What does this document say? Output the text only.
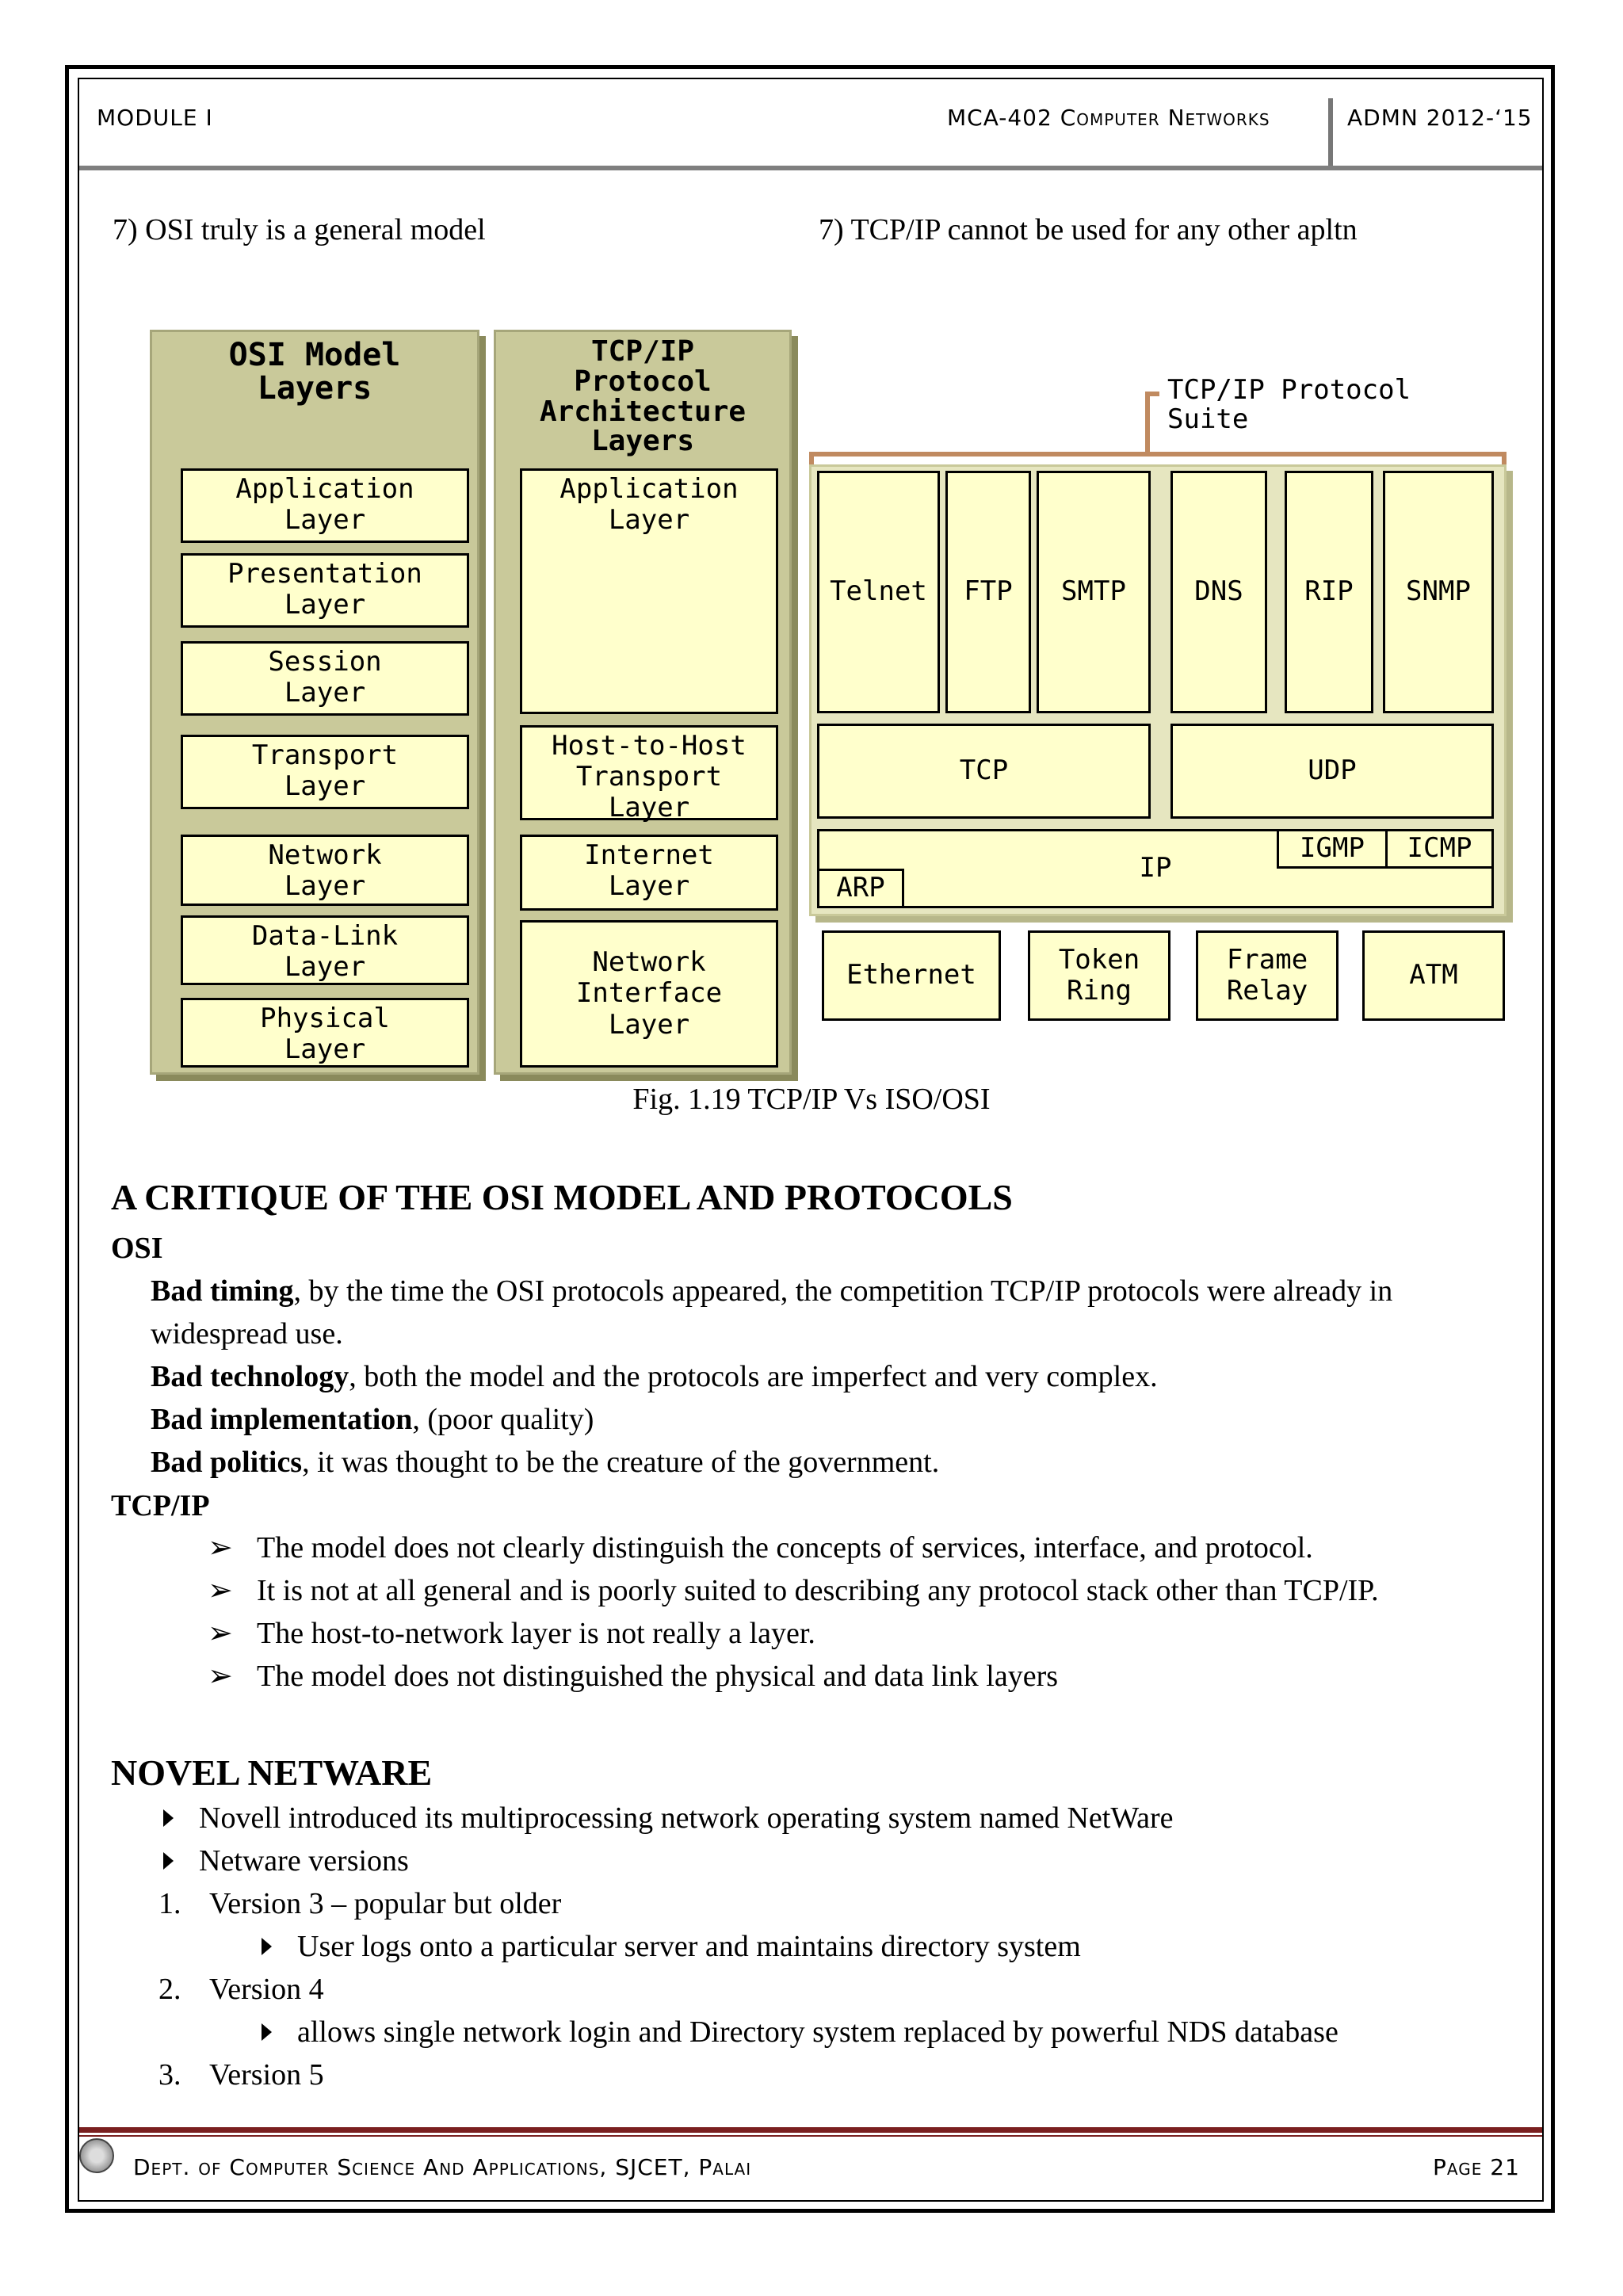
MODULE I	MCA-402 Computer Networks	ADMN 2012-‘15
7) OSI truly is a general model	7) TCP/IP cannot be used for any other apltn
OSI Model
Layers
Application
Layer
Presentation
Layer
Session
Layer
Transport
Layer
Network
Layer
Data-Link
Layer
Physical
Layer
TCP/IP
Protocol
Architecture
Layers
Application
Layer
Host-to-Host
Transport
Layer
Internet
Layer
Network
Interface
Layer
TCP/IP Protocol
Suite
Telnet	FTP	SMTP	DNS	RIP	SNMP
TCP	UDP
IP
IGMP	ICMP
ARP
Ethernet	Token
Ring
Frame
Relay	ATM
Fig. 1.19 TCP/IP Vs ISO/OSI
A CRITIQUE OF THE OSI MODEL AND PROTOCOLS
OSI
Bad timing, by the time the OSI protocols appeared, the competition TCP/IP protocols were already in
widespread use.
Bad technology, both the model and the protocols are imperfect and very complex.
Bad implementation, (poor quality)
Bad politics, it was thought to be the creature of the government.
TCP/IP
➢ The model does not clearly distinguish the concepts of services, interface, and protocol.
➢ It is not at all general and is poorly suited to describing any protocol stack other than TCP/IP.
➢ The host-to-network layer is not really a layer.
➢ The model does not distinguished the physical and data link layers
NOVEL NETWARE
Novell introduced its multiprocessing network operating system named NetWare
Netware versions
1. Version 3 – popular but older
User logs onto a particular server and maintains directory system
2. Version 4
allows single network login and Directory system replaced by powerful NDS database
3. Version 5
Dept. of Computer Science And Applications, SJCET, Palai	Page 21
